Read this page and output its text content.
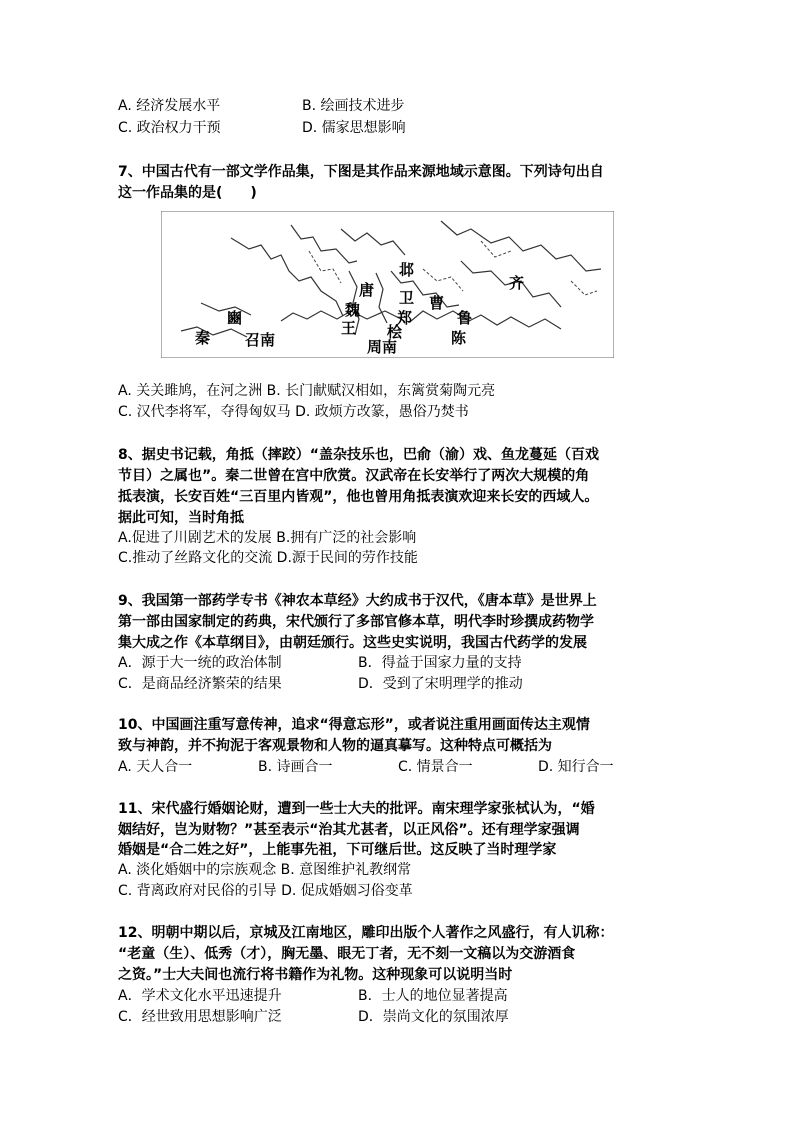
A. 经济发展水平	B. 绘画技术进步
C. 政治权力干预	D. 儒家思想影响
7、中国古代有一部文学作品集，下图是其作品来源地域示意图。下列诗句出自
这一作品集的是(　　)
邶
唐 卫 曹
齐
魏 郑	鲁
豳
王 桧	陈
秦 召南	周南
A. 关关雎鸠，在河之洲 B. 长门献赋汉相如，东篱赏菊陶元亮
C. 汉代李将军，夺得匈奴马 D. 政烦方改篆，愚俗乃焚书
8、据史书记载，角抵（摔跤）“盖杂技乐也，巴俞（渝）戏、鱼龙蔓延（百戏
节目）之属也”。秦二世曾在宫中欣赏。汉武帝在长安举行了两次大规模的角
抵表演，长安百姓“三百里内皆观”，他也曾用角抵表演欢迎来长安的西域人。
据此可知，当时角抵
A.促进了川剧艺术的发展 B.拥有广泛的社会影响
C.推动了丝路文化的交流 D.源于民间的劳作技能
9、我国第一部药学专书《神农本草经》大约成书于汉代，《唐本草》是世界上
第一部由国家制定的药典，宋代颁行了多部官修本草，明代李时珍撰成药物学
集大成之作《本草纲目》，由朝廷颁行。这些史实说明，我国古代药学的发展
A．源于大一统的政治体制	B．得益于国家力量的支持
C．是商品经济繁荣的结果	D．受到了宋明理学的推动
10、中国画注重写意传神，追求“得意忘形”，或者说注重用画面传达主观情
致与神韵，并不拘泥于客观景物和人物的逼真摹写。这种特点可概括为
A. 天人合一	B. 诗画合一	C. 情景合一	D. 知行合一
11、宋代盛行婚姻论财，遭到一些士大夫的批评。南宋理学家张栻认为，“婚
姻结好，岂为财物？”甚至表示“治其尤甚者，以正风俗”。还有理学家强调
婚姻是“合二姓之好”，上能事先祖，下可继后世。这反映了当时理学家
A. 淡化婚姻中的宗族观念 B. 意图维护礼教纲常
C. 背离政府对民俗的引导 D. 促成婚姻习俗变革
12、明朝中期以后，京城及江南地区，雕印出版个人著作之风盛行，有人讥称：
“老童（生）、低秀（才），胸无墨、眼无丁者，无不刻一文稿以为交游酒食
之资。”士大夫间也流行将书籍作为礼物。这种现象可以说明当时
A．学术文化水平迅速提升	B．士人的地位显著提高
C．经世致用思想影响广泛	D．崇尚文化的氛围浓厚
